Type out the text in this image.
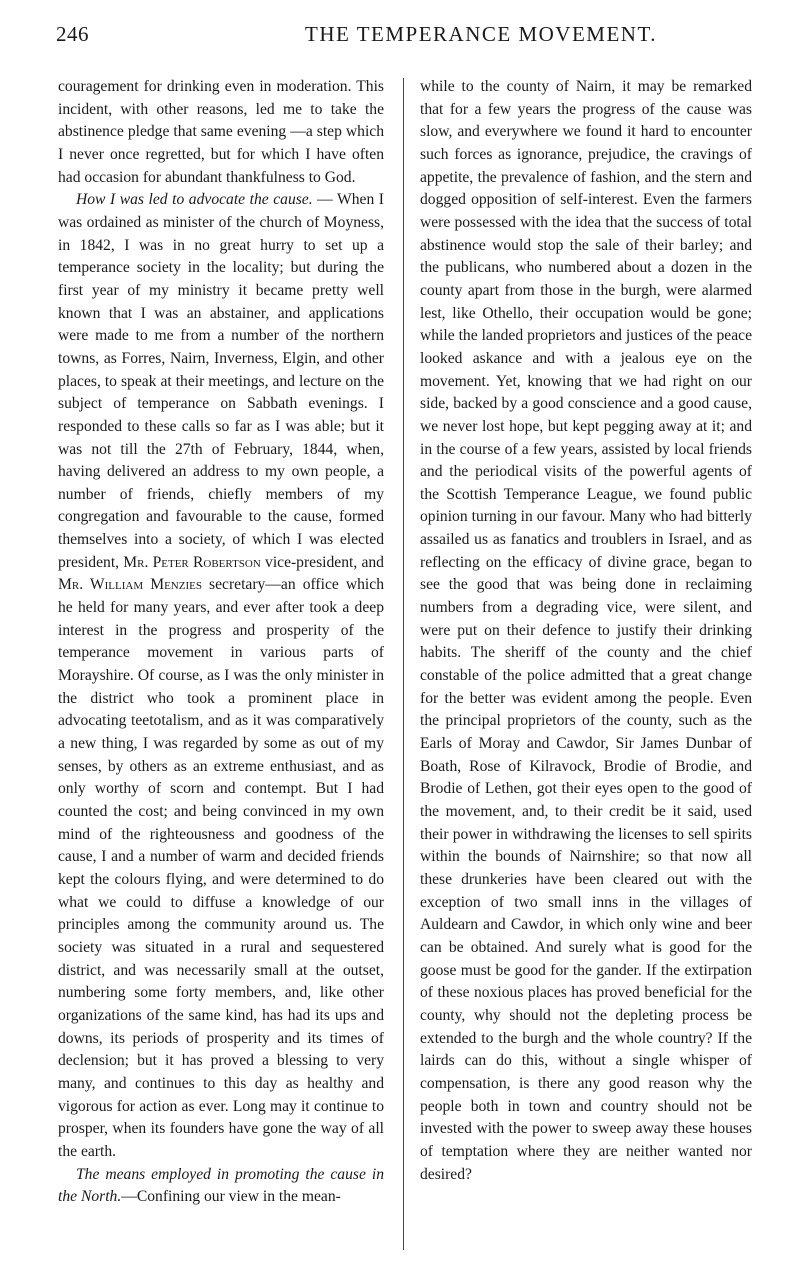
246	THE TEMPERANCE MOVEMENT.

couragement for drinking even in moderation. This incident, with other reasons, led me to take the abstinence pledge that same evening —a step which I never once regretted, but for which I have often had occasion for abundant thankfulness to God.

How I was led to advocate the cause. — When I was ordained as minister of the church of Moyness, in 1842, I was in no great hurry to set up a temperance society in the locality; but during the first year of my ministry it became pretty well known that I was an abstainer, and applications were made to me from a number of the northern towns, as Forres, Nairn, Inverness, Elgin, and other places, to speak at their meetings, and lecture on the subject of temperance on Sabbath evenings. I responded to these calls so far as I was able; but it was not till the 27th of February, 1844, when, having delivered an address to my own people, a number of friends, chiefly members of my congregation and favourable to the cause, formed themselves into a society, of which I was elected president, Mr. Peter Robertson vice-president, and Mr. William Menzies secretary—an office which he held for many years, and ever after took a deep interest in the progress and prosperity of the temperance movement in various parts of Morayshire. Of course, as I was the only minister in the district who took a prominent place in advocating teetotalism, and as it was comparatively a new thing, I was regarded by some as out of my senses, by others as an extreme enthusiast, and as only worthy of scorn and contempt. But I had counted the cost; and being convinced in my own mind of the righteousness and goodness of the cause, I and a number of warm and decided friends kept the colours flying, and were determined to do what we could to diffuse a knowledge of our principles among the community around us. The society was situated in a rural and sequestered district, and was necessarily small at the outset, numbering some forty members, and, like other organizations of the same kind, has had its ups and downs, its periods of prosperity and its times of declension; but it has proved a blessing to very many, and continues to this day as healthy and vigorous for action as ever. Long may it continue to prosper, when its founders have gone the way of all the earth.

The means employed in promoting the cause in the North.—Confining our view in the mean-

while to the county of Nairn, it may be remarked that for a few years the progress of the cause was slow, and everywhere we found it hard to encounter such forces as ignorance, prejudice, the cravings of appetite, the prevalence of fashion, and the stern and dogged opposition of self-interest. Even the farmers were possessed with the idea that the success of total abstinence would stop the sale of their barley; and the publicans, who numbered about a dozen in the county apart from those in the burgh, were alarmed lest, like Othello, their occupation would be gone; while the landed proprietors and justices of the peace looked askance and with a jealous eye on the movement. Yet, knowing that we had right on our side, backed by a good conscience and a good cause, we never lost hope, but kept pegging away at it; and in the course of a few years, assisted by local friends and the periodical visits of the powerful agents of the Scottish Temperance League, we found public opinion turning in our favour. Many who had bitterly assailed us as fanatics and troublers in Israel, and as reflecting on the efficacy of divine grace, began to see the good that was being done in reclaiming numbers from a degrading vice, were silent, and were put on their defence to justify their drinking habits. The sheriff of the county and the chief constable of the police admitted that a great change for the better was evident among the people. Even the principal proprietors of the county, such as the Earls of Moray and Cawdor, Sir James Dunbar of Boath, Rose of Kilravock, Brodie of Brodie, and Brodie of Lethen, got their eyes open to the good of the movement, and, to their credit be it said, used their power in withdrawing the licenses to sell spirits within the bounds of Nairnshire; so that now all these drunkeries have been cleared out with the exception of two small inns in the villages of Auldearn and Cawdor, in which only wine and beer can be obtained. And surely what is good for the goose must be good for the gander. If the extirpation of these noxious places has proved beneficial for the county, why should not the depleting process be extended to the burgh and the whole country? If the lairds can do this, without a single whisper of compensation, is there any good reason why the people both in town and country should not be invested with the power to sweep away these houses of temptation where they are neither wanted nor desired?
